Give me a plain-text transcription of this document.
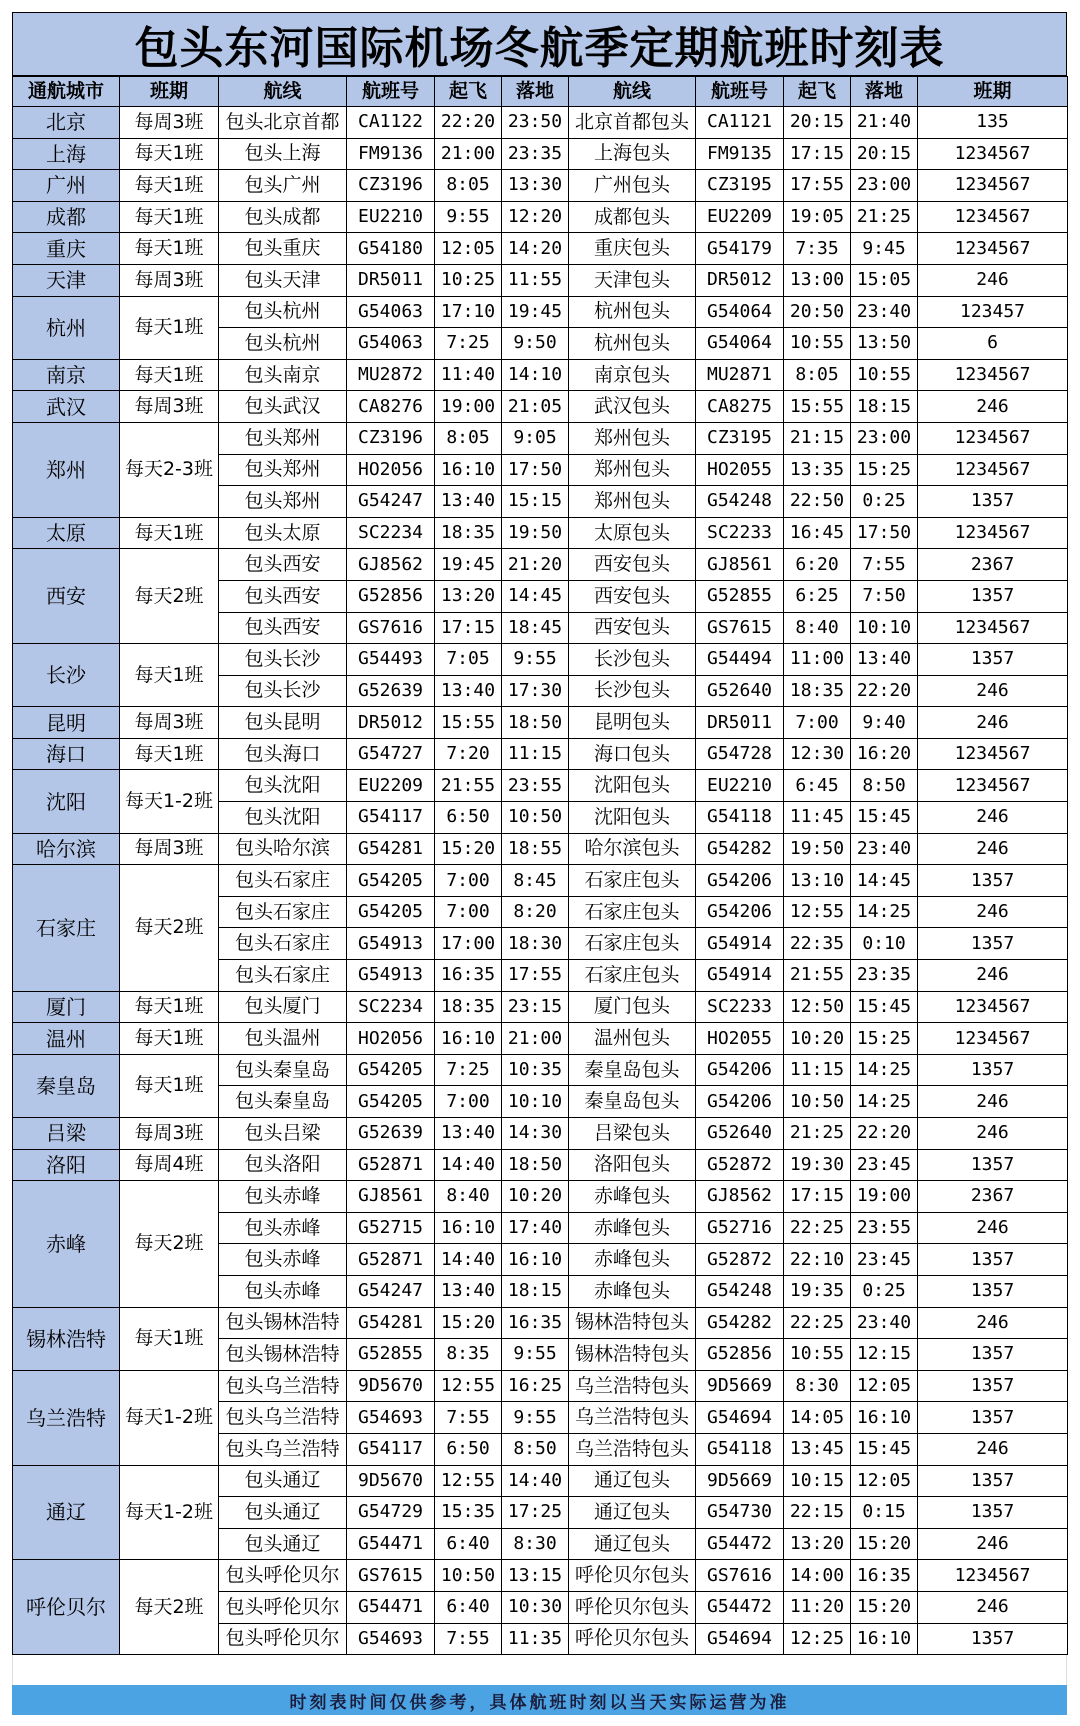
包头东河国际机场冬航季定期航班时刻表
通航城市	班期	航线	航班号	起飞	落地	航线	航班号	起飞	落地	班期
北京	每周3班	包头北京首都	CA1122	22:20	23:50	北京首都包头	CA1121	20:15	21:40	135
上海	每天1班	包头上海	FM9136	21:00	23:35	上海包头	FM9135	17:15	20:15	1234567
广州	每天1班	包头广州	CZ3196	8:05	13:30	广州包头	CZ3195	17:55	23:00	1234567
成都	每天1班	包头成都	EU2210	9:55	12:20	成都包头	EU2209	19:05	21:25	1234567
重庆	每天1班	包头重庆	G54180	12:05	14:20	重庆包头	G54179	7:35	9:45	1234567
天津	每周3班	包头天津	DR5011	10:25	11:55	天津包头	DR5012	13:00	15:05	246
杭州	每天1班	包头杭州	G54063	17:10	19:45	杭州包头	G54064	20:50	23:40	123457
		包头杭州	G54063	7:25	9:50	杭州包头	G54064	10:55	13:50	6
南京	每天1班	包头南京	MU2872	11:40	14:10	南京包头	MU2871	8:05	10:55	1234567
武汉	每周3班	包头武汉	CA8276	19:00	21:05	武汉包头	CA8275	15:55	18:15	246
郑州	每天2-3班	包头郑州	CZ3196	8:05	9:05	郑州包头	CZ3195	21:15	23:00	1234567
		包头郑州	HO2056	16:10	17:50	郑州包头	HO2055	13:35	15:25	1234567
		包头郑州	G54247	13:40	15:15	郑州包头	G54248	22:50	0:25	1357
太原	每天1班	包头太原	SC2234	18:35	19:50	太原包头	SC2233	16:45	17:50	1234567
西安	每天2班	包头西安	GJ8562	19:45	21:20	西安包头	GJ8561	6:20	7:55	2367
		包头西安	G52856	13:20	14:45	西安包头	G52855	6:25	7:50	1357
		包头西安	GS7616	17:15	18:45	西安包头	GS7615	8:40	10:10	1234567
长沙	每天1班	包头长沙	G54493	7:05	9:55	长沙包头	G54494	11:00	13:40	1357
		包头长沙	G52639	13:40	17:30	长沙包头	G52640	18:35	22:20	246
昆明	每周3班	包头昆明	DR5012	15:55	18:50	昆明包头	DR5011	7:00	9:40	246
海口	每天1班	包头海口	G54727	7:20	11:15	海口包头	G54728	12:30	16:20	1234567
沈阳	每天1-2班	包头沈阳	EU2209	21:55	23:55	沈阳包头	EU2210	6:45	8:50	1234567
		包头沈阳	G54117	6:50	10:50	沈阳包头	G54118	11:45	15:45	246
哈尔滨	每周3班	包头哈尔滨	G54281	15:20	18:55	哈尔滨包头	G54282	19:50	23:40	246
石家庄	每天2班	包头石家庄	G54205	7:00	8:45	石家庄包头	G54206	13:10	14:45	1357
		包头石家庄	G54205	7:00	8:20	石家庄包头	G54206	12:55	14:25	246
		包头石家庄	G54913	17:00	18:30	石家庄包头	G54914	22:35	0:10	1357
		包头石家庄	G54913	16:35	17:55	石家庄包头	G54914	21:55	23:35	246
厦门	每天1班	包头厦门	SC2234	18:35	23:15	厦门包头	SC2233	12:50	15:45	1234567
温州	每天1班	包头温州	HO2056	16:10	21:00	温州包头	HO2055	10:20	15:25	1234567
秦皇岛	每天1班	包头秦皇岛	G54205	7:25	10:35	秦皇岛包头	G54206	11:15	14:25	1357
		包头秦皇岛	G54205	7:00	10:10	秦皇岛包头	G54206	10:50	14:25	246
吕梁	每周3班	包头吕梁	G52639	13:40	14:30	吕梁包头	G52640	21:25	22:20	246
洛阳	每周4班	包头洛阳	G52871	14:40	18:50	洛阳包头	G52872	19:30	23:45	1357
赤峰	每天2班	包头赤峰	GJ8561	8:40	10:20	赤峰包头	GJ8562	17:15	19:00	2367
		包头赤峰	G52715	16:10	17:40	赤峰包头	G52716	22:25	23:55	246
		包头赤峰	G52871	14:40	16:10	赤峰包头	G52872	22:10	23:45	1357
		包头赤峰	G54247	13:40	18:15	赤峰包头	G54248	19:35	0:25	1357
锡林浩特	每天1班	包头锡林浩特	G54281	15:20	16:35	锡林浩特包头	G54282	22:25	23:40	246
		包头锡林浩特	G52855	8:35	9:55	锡林浩特包头	G52856	10:55	12:15	1357
乌兰浩特	每天1-2班	包头乌兰浩特	9D5670	12:55	16:25	乌兰浩特包头	9D5669	8:30	12:05	1357
		包头乌兰浩特	G54693	7:55	9:55	乌兰浩特包头	G54694	14:05	16:10	1357
		包头乌兰浩特	G54117	6:50	8:50	乌兰浩特包头	G54118	13:45	15:45	246
通辽	每天1-2班	包头通辽	9D5670	12:55	14:40	通辽包头	9D5669	10:15	12:05	1357
		包头通辽	G54729	15:35	17:25	通辽包头	G54730	22:15	0:15	1357
		包头通辽	G54471	6:40	8:30	通辽包头	G54472	13:20	15:20	246
呼伦贝尔	每天2班	包头呼伦贝尔	GS7615	10:50	13:15	呼伦贝尔包头	GS7616	14:00	16:35	1234567
		包头呼伦贝尔	G54471	6:40	10:30	呼伦贝尔包头	G54472	11:20	15:20	246
		包头呼伦贝尔	G54693	7:55	11:35	呼伦贝尔包头	G54694	12:25	16:10	1357
时刻表时间仅供参考，具体航班时刻以当天实际运营为准
